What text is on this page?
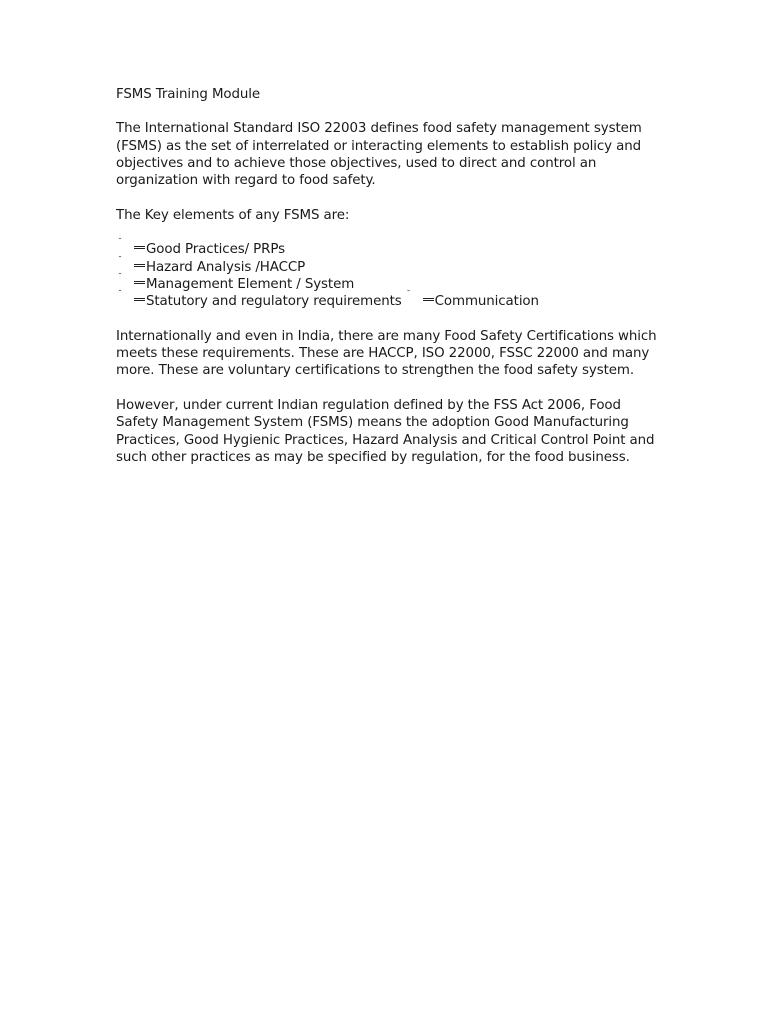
FSMS Training Module

The International Standard ISO 22003 defines food safety management system (FSMS) as the set of interrelated or interacting elements to establish policy and objectives and to achieve those objectives, used to direct and control an organization with regard to food safety.

The Key elements of any FSMS are:

˘
Good Practices/ PRPs
˘
Hazard Analysis /HACCP
˘
Management Element / System
˘
Statutory and regulatory requirements
˘
Communication

Internationally and even in India, there are many Food Safety Certifications which meets these requirements. These are HACCP, ISO 22000, FSSC 22000 and many more. These are voluntary certifications to strengthen the food safety system.

However, under current Indian regulation defined by the FSS Act 2006, Food Safety Management System (FSMS) means the adoption Good Manufacturing Practices, Good Hygienic Practices, Hazard Analysis and Critical Control Point and such other practices as may be specified by regulation, for the food business.
